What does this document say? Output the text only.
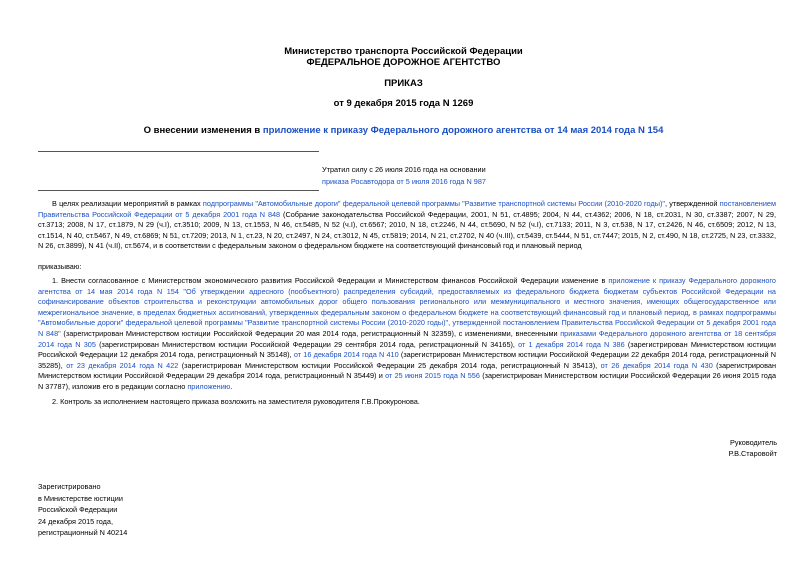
Министерство транспорта Российской Федерации
ФЕДЕРАЛЬНОЕ ДОРОЖНОЕ АГЕНТСТВО
ПРИКАЗ
от 9 декабря 2015 года N 1269
О внесении изменения в приложение к приказу Федерального дорожного агентства от 14 мая 2014 года N 154
Утратил силу с 26 июля 2016 года на основании
приказа Росавтодора от 5 июля 2016 года N 987
В целях реализации мероприятий в рамках подпрограммы "Автомобильные дороги" федеральной целевой программы "Развитие транспортной системы России (2010-2020 годы)", утвержденной постановлением Правительства Российской Федерации от 5 декабря 2001 года N 848 (Собрание законодательства Российской Федерации, 2001, N 51, ст.4895; 2004, N 44, ст.4362; 2006, N 18, ст.2031, N 30, ст.3387; 2007, N 29, ст.3713; 2008, N 17, ст.1879, N 29 (ч.I), ст.3510; 2009, N 13, ст.1553, N 46, ст.5485, N 52 (ч.I), ст.6567; 2010, N 18, ст.2246, N 44, ст.5690, N 52 (ч.I), ст.7133; 2011, N 3, ст.538, N 17, ст.2426, N 46, ст.6509; 2012, N 13, ст.1514, N 40, ст.5467, N 49, ст.6869; N 51, ст.7209; 2013, N 1, ст.23, N 20, ст.2497, N 24, ст.3012, N 45, ст.5819; 2014, N 21, ст.2702, N 40 (ч.III), ст.5439, ст.5444, N 51, ст.7447; 2015, N 2, ст.490, N 18, ст.2725, N 23, ст.3332, N 26, ст.3899), N 41 (ч.II), ст.5674, и в соответствии с федеральным законом о федеральном бюджете на соответствующий финансовый год и плановый период
приказываю:
1. Внести согласованное с Министерством экономического развития Российской Федерации и Министерством финансов Российской Федерации изменение в приложение к приказу Федерального дорожного агентства от 14 мая 2014 года N 154 "Об утверждении адресного (пообъектного) распределения субсидий, предоставляемых из федерального бюджета бюджетам субъектов Российской Федерации на софинансирование объектов строительства и реконструкции автомобильных дорог общего пользования регионального или межмуниципального и местного значения, имеющих общегосударственное или межрегиональное значение, в пределах бюджетных ассигнований, утвержденных федеральным законом о федеральном бюджете на соответствующий финансовый год и плановый период, в рамках подпрограммы "Автомобильные дороги" федеральной целевой программы "Развитие транспортной системы России (2010-2020 годы)", утвержденной постановлением Правительства Российской Федерации от 5 декабря 2001 года N 848" (зарегистрирован Министерством юстиции Российской Федерации 20 мая 2014 года, регистрационный N 32359), с изменениями, внесенными приказами Федерального дорожного агентства от 18 сентября 2014 года N 305 (зарегистрирован Министерством юстиции Российской Федерации 29 сентября 2014 года, регистрационный N 34165), от 1 декабря 2014 года N 386 (зарегистрирован Министерством юстиции Российской Федерации 12 декабря 2014 года, регистрационный N 35148), от 16 декабря 2014 года N 410 (зарегистрирован Министерством юстиции Российской Федерации 22 декабря 2014 года, регистрационный N 35285), от 23 декабря 2014 года N 422 (зарегистрирован Министерством юстиции Российской Федерации 25 декабря 2014 года, регистрационный N 35413), от 26 декабря 2014 года N 430 (зарегистрирован Министерством юстиции Российской Федерации 29 декабря 2014 года, регистрационный N 35449) и от 25 июня 2015 года N 556 (зарегистрирован Министерством юстиции Российской Федерации 26 июня 2015 года N 37787), изложив его в редакции согласно приложению.
2. Контроль за исполнением настоящего приказа возложить на заместителя руководителя Г.В.Прокуронова.
Руководитель
Р.В.Старовойт
Зарегистрировано
в Министерстве юстиции
Российской Федерации
24 декабря 2015 года,
регистрационный N 40214
